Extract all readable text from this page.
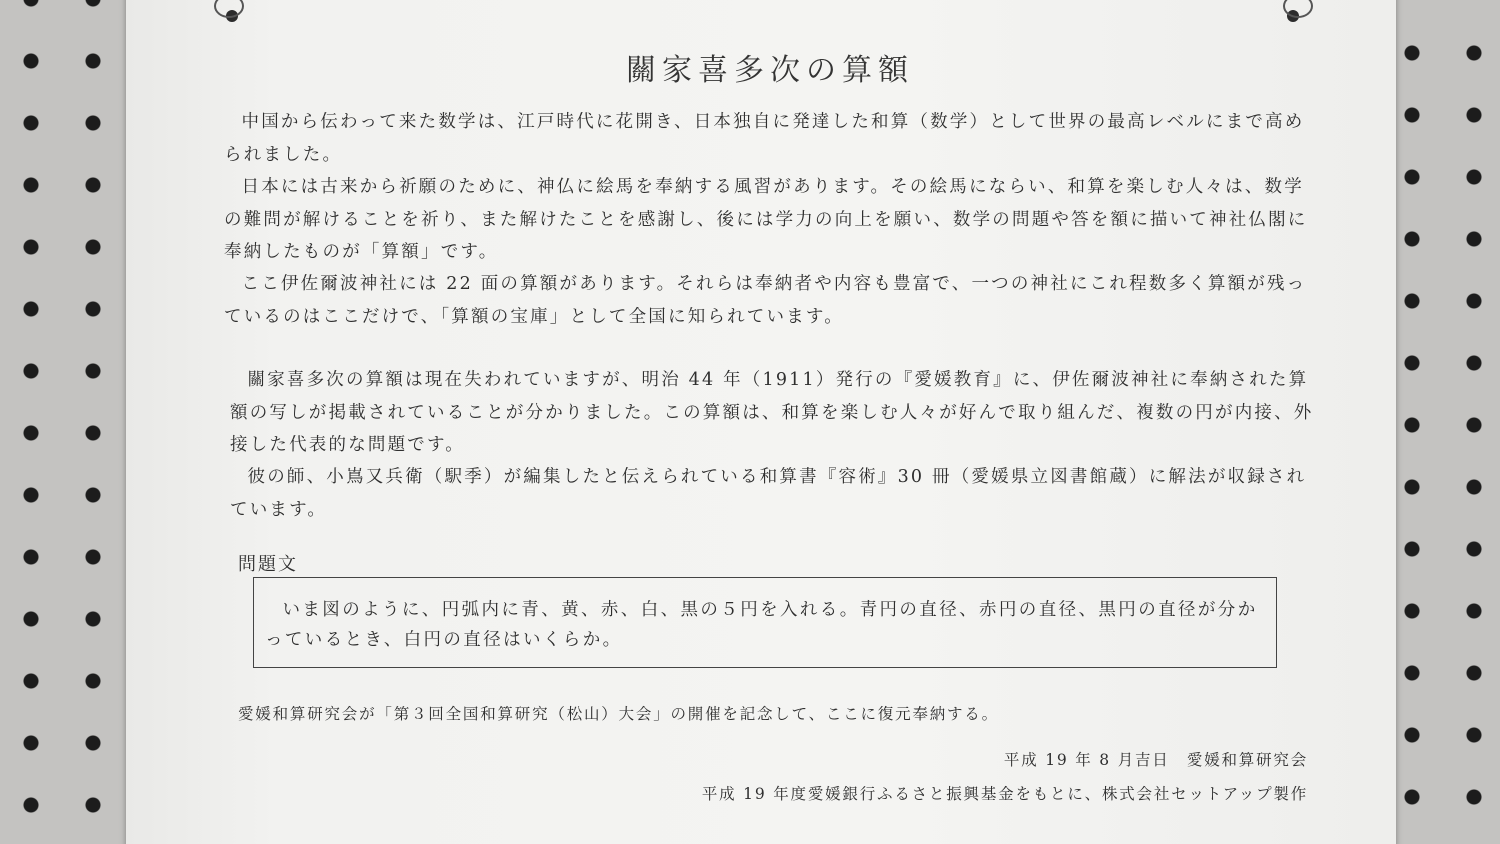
關家喜多次の算額

中国から伝わって来た数学は、江戸時代に花開き、日本独自に発達した和算（数学）として世界の最高レベルにまで高められました。

日本には古来から祈願のために、神仏に絵馬を奉納する風習があります。その絵馬にならい、和算を楽しむ人々は、数学の難問が解けることを祈り、また解けたことを感謝し、後には学力の向上を願い、数学の問題や答を額に描いて神社仏閣に奉納したものが「算額」です。

ここ伊佐爾波神社には 22 面の算額があります。それらは奉納者や内容も豊富で、一つの神社にこれ程数多く算額が残っているのはここだけで、「算額の宝庫」として全国に知られています。

關家喜多次の算額は現在失われていますが、明治 44 年（1911）発行の『愛媛教育』に、伊佐爾波神社に奉納された算額の写しが掲載されていることが分かりました。この算額は、和算を楽しむ人々が好んで取り組んだ、複数の円が内接、外接した代表的な問題です。

彼の師、小嶌又兵衛（駅季）が編集したと伝えられている和算書『容術』30 冊（愛媛県立図書館蔵）に解法が収録されています。

問題文

いま図のように、円弧内に青、黄、赤、白、黒の５円を入れる。青円の直径、赤円の直径、黒円の直径が分かっているとき、白円の直径はいくらか。

愛媛和算研究会が「第３回全国和算研究（松山）大会」の開催を記念して、ここに復元奉納する。
平成 19 年 8 月吉日　愛媛和算研究会
平成 19 年度愛媛銀行ふるさと振興基金をもとに、株式会社セットアップ製作
